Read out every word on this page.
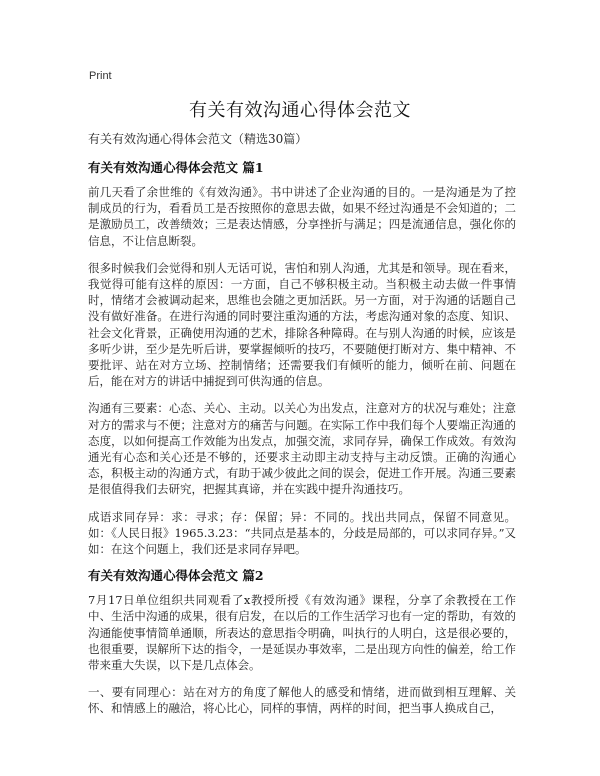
Print
有关有效沟通心得体会范文

有关有效沟通心得体会范文（精选30篇）

有关有效沟通心得体会范文 篇1

前几天看了余世维的《有效沟通》。书中讲述了企业沟通的目的。一是沟通是为了控制成员的行为，看看员工是否按照你的意思去做，如果不经过沟通是不会知道的；二是激励员工，改善绩效；三是表达情感，分享挫折与满足；四是流通信息，强化你的信息，不让信息断裂。

很多时候我们会觉得和别人无话可说，害怕和别人沟通，尤其是和领导。现在看来，我觉得可能有这样的原因：一方面，自己不够积极主动。当积极主动去做一件事情时，情绪才会被调动起来，思维也会随之更加活跃。另一方面，对于沟通的话题自己没有做好准备。在进行沟通的同时要注重沟通的方法，考虑沟通对象的态度、知识、社会文化背景，正确使用沟通的艺术，排除各种障碍。在与别人沟通的时候，应该是多听少讲，至少是先听后讲，要掌握倾听的技巧，不要随便打断对方、集中精神、不要批评、站在对方立场、控制情绪；还需要我们有倾听的能力，倾听在前、问题在后，能在对方的讲话中捕捉到可供沟通的信息。

沟通有三要素：心态、关心、主动。以关心为出发点，注意对方的状况与难处；注意对方的需求与不便；注意对方的痛苦与问题。在实际工作中我们每个人要端正沟通的态度，以如何提高工作效能为出发点，加强交流，求同存异，确保工作成效。有效沟通光有心态和关心还是不够的，还要求主动即主动支持与主动反馈。正确的沟通心态，积极主动的沟通方式，有助于减少彼此之间的误会，促进工作开展。沟通三要素是很值得我们去研究，把握其真谛，并在实践中提升沟通技巧。

成语求同存异：求：寻求；存：保留；异：不同的。找出共同点，保留不同意见。如：《人民日报》1965.3.23：“共同点是基本的，分歧是局部的，可以求同存异。”又如：在这个问题上，我们还是求同存异吧。

有关有效沟通心得体会范文 篇2

7月17日单位组织共同观看了x教授所授《有效沟通》课程，分享了余教授在工作中、生活中沟通的成果，很有启发，在以后的工作生活学习也有一定的帮助，有效的沟通能使事情简单通顺，所表达的意思指令明确，叫执行的人明白，这是很必要的，也很重要，误解所下达的指令，一是延误办事效率，二是出现方向性的偏差，给工作带来重大失误，以下是几点体会。

一、要有同理心：站在对方的角度了解他人的感受和情绪，进而做到相互理解、关怀、和情感上的融洽，将心比心，同样的事情，两样的时间，把当事人换成自己，
